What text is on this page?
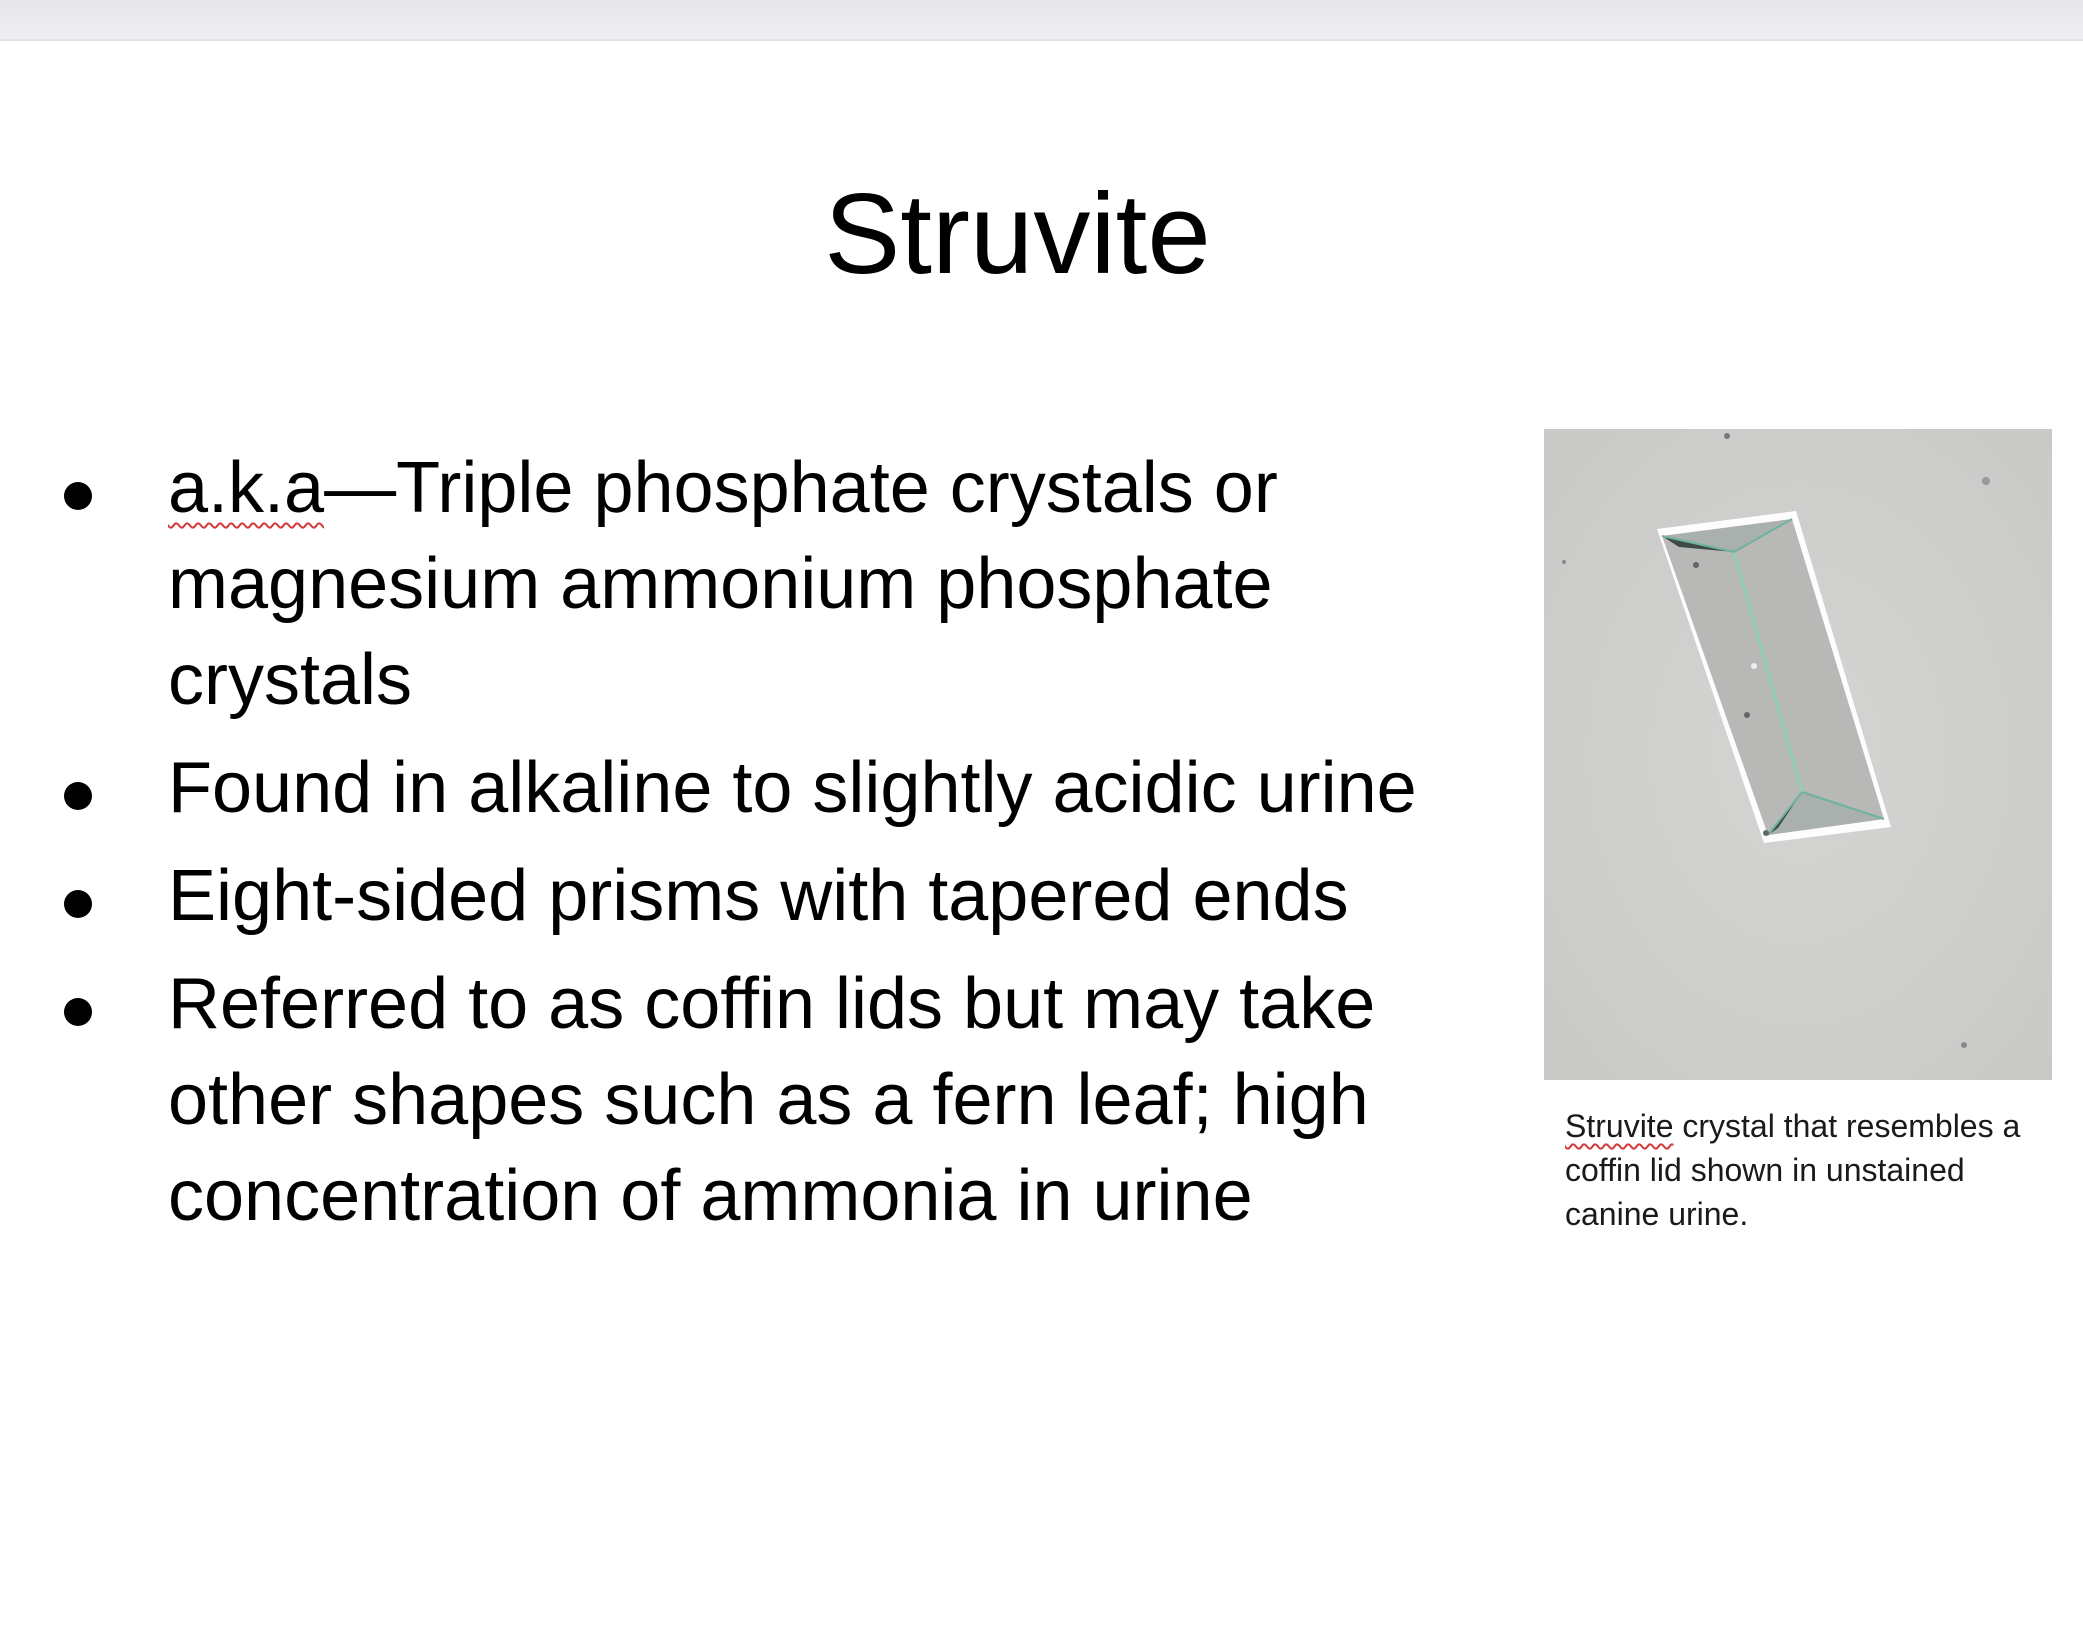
Struvite
a.k.a—Triple phosphate crystals or magnesium ammonium phosphate crystals
Found in alkaline to slightly acidic urine
Eight-sided prisms with tapered ends
Referred to as coffin lids but may take other shapes such as a fern leaf; high concentration of ammonia in urine
Struvite crystal that resembles a coffin lid shown in unstained canine urine.
